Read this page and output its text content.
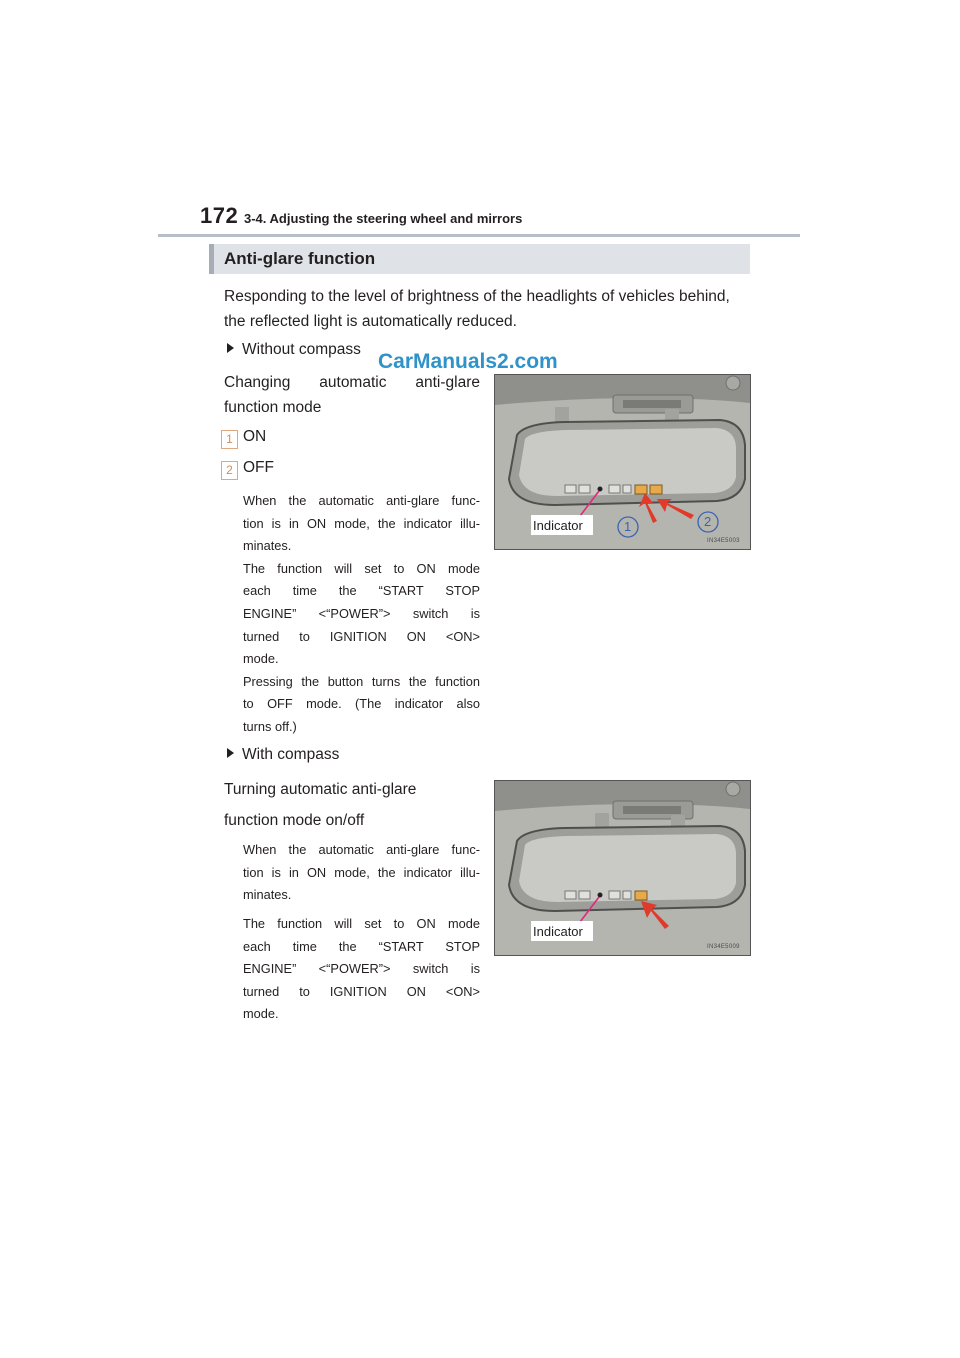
172 3-4. Adjusting the steering wheel and mirrors
Anti-glare function
Responding to the level of brightness of the headlights of vehicles behind, the reflected light is automatically reduced.
Without compass
CarManuals2.com
Changing automatic anti-glare
function mode
1 ON
2 OFF
When the automatic anti-glare func-
tion is in ON mode, the indicator illu-
minates.
The function will set to ON mode
each time the “START STOP
ENGINE” <“POWER”> switch is
turned to IGNITION ON <ON>
mode.
Pressing the button turns the function
to OFF mode. (The indicator also
turns off.)
Indicator	1	2
IN34E5003
With compass
Turning automatic anti-glare
function mode on/off
When the automatic anti-glare func-
tion is in ON mode, the indicator illu-
minates.
The function will set to ON mode
each time the “START STOP
ENGINE” <“POWER”> switch is
turned to IGNITION ON <ON>
mode.
Indicator
IN34E5009
